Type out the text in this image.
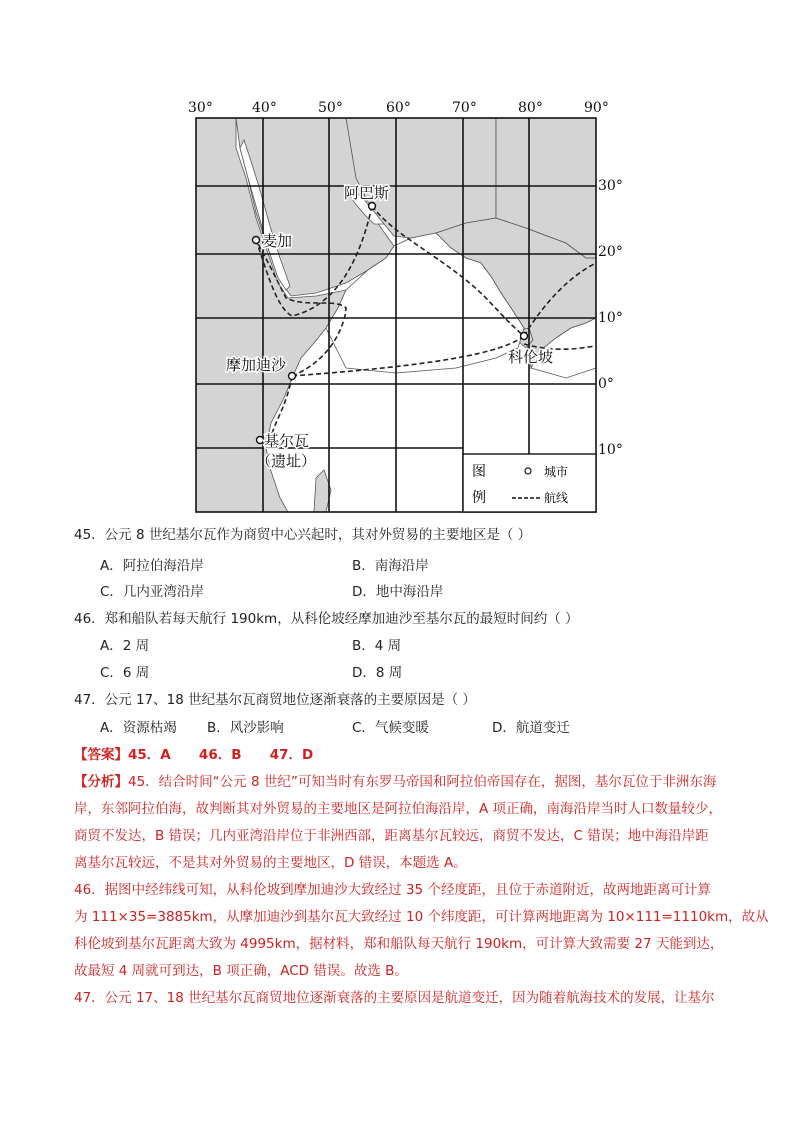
30°	40°	50°	60°	70°	80°	90°
阿巴斯
麦加
摩加迪沙	科伦坡
基尔瓦
（遗址）
图
例
城市
航线
30°
20°
10°
0°
10°
45．公元 8 世纪基尔瓦作为商贸中心兴起时，其对外贸易的主要地区是（ ）
A．阿拉伯海沿岸	B．南海沿岸
C．几内亚湾沿岸	D．地中海沿岸
46．郑和船队若每天航行 190km，从科伦坡经摩加迪沙至基尔瓦的最短时间约（ ）
A．2 周	B．4 周
C．6 周	D．8 周
47．公元 17、18 世纪基尔瓦商贸地位逐渐衰落的主要原因是（ ）
A．资源枯竭 B．风沙影响	C．气候变暖	D．航道变迁
【答案】45．A      46．B      47．D
【分析】45．结合时间“公元 8 世纪”可知当时有东罗马帝国和阿拉伯帝国存在，据图，基尔瓦位于非洲东海
岸，东邻阿拉伯海，故判断其对外贸易的主要地区是阿拉伯海沿岸，A 项正确，南海沿岸当时人口数量较少，
商贸不发达，B 错误；几内亚湾沿岸位于非洲西部，距离基尔瓦较远，商贸不发达，C 错误；地中海沿岸距
离基尔瓦较远，不是其对外贸易的主要地区，D 错误，本题选 A。
46．据图中经纬线可知，从科伦坡到摩加迪沙大致经过 35 个经度距，且位于赤道附近，故两地距离可计算
为 111×35=3885km，从摩加迪沙到基尔瓦大致经过 10 个纬度距，可计算两地距离为 10×111=1110km，故从
科伦坡到基尔瓦距离大致为 4995km，据材料，郑和船队每天航行 190km，可计算大致需要 27 天能到达，
故最短 4 周就可到达，B 项正确，ACD 错误。故选 B。
47．公元 17、18 世纪基尔瓦商贸地位逐渐衰落的主要原因是航道变迁，因为随着航海技术的发展，让基尔
